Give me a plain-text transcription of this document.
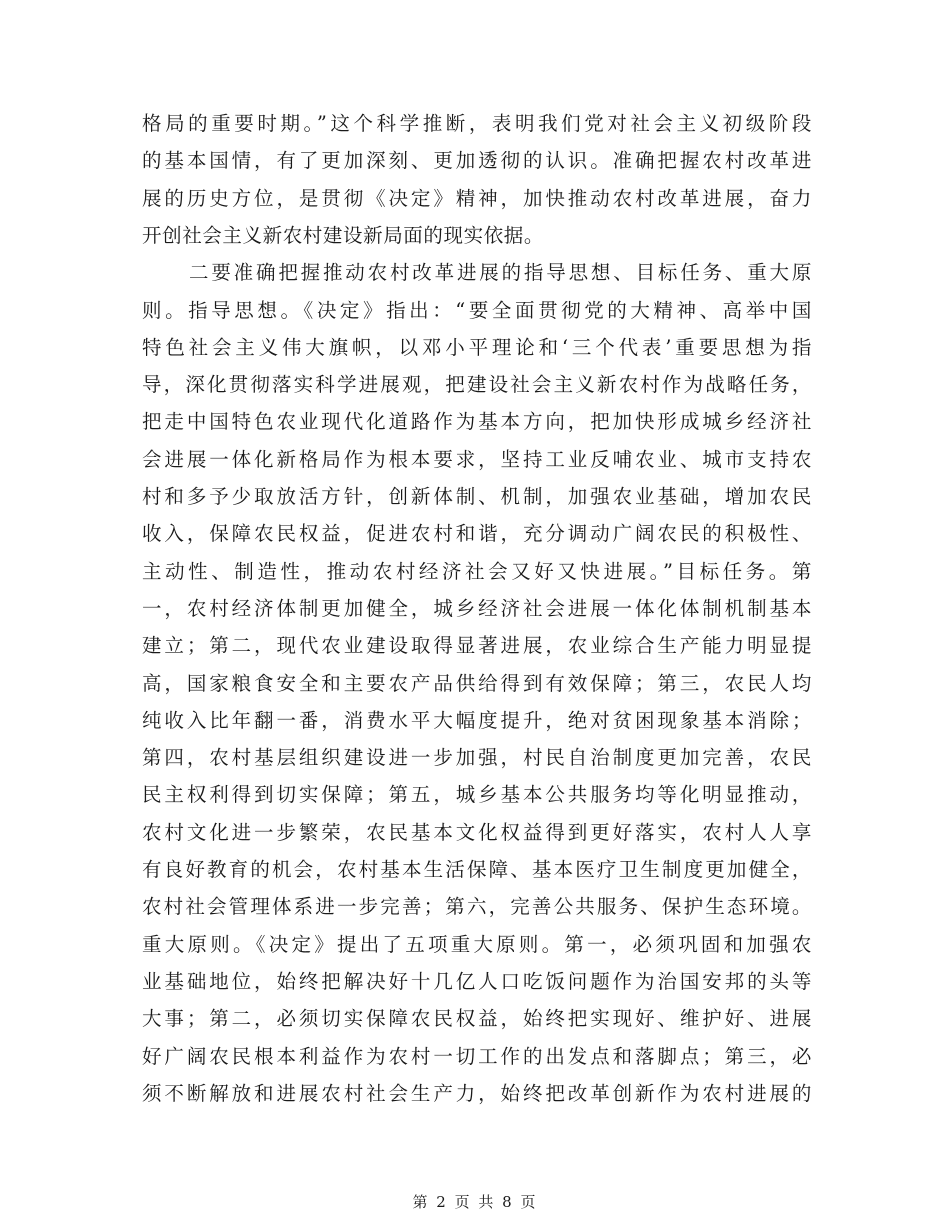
格局的重要时期。”这个科学推断，表明我们党对社会主义初级阶段
的基本国情，有了更加深刻、更加透彻的认识。准确把握农村改革进
展的历史方位，是贯彻《决定》精神，加快推动农村改革进展，奋力
开创社会主义新农村建设新局面的现实依据。
二要准确把握推动农村改革进展的指导思想、目标任务、重大原
则。指导思想。《决定》指出：“要全面贯彻党的大精神、高举中国
特色社会主义伟大旗帜，以邓小平理论和‘三个代表’重要思想为指
导，深化贯彻落实科学进展观，把建设社会主义新农村作为战略任务，
把走中国特色农业现代化道路作为基本方向，把加快形成城乡经济社
会进展一体化新格局作为根本要求，坚持工业反哺农业、城市支持农
村和多予少取放活方针，创新体制、机制，加强农业基础，增加农民
收入，保障农民权益，促进农村和谐，充分调动广阔农民的积极性、
主动性、制造性，推动农村经济社会又好又快进展。”目标任务。第
一，农村经济体制更加健全，城乡经济社会进展一体化体制机制基本
建立；第二，现代农业建设取得显著进展，农业综合生产能力明显提
高，国家粮食安全和主要农产品供给得到有效保障；第三，农民人均
纯收入比年翻一番，消费水平大幅度提升，绝对贫困现象基本消除；
第四，农村基层组织建设进一步加强，村民自治制度更加完善，农民
民主权利得到切实保障；第五，城乡基本公共服务均等化明显推动，
农村文化进一步繁荣，农民基本文化权益得到更好落实，农村人人享
有良好教育的机会，农村基本生活保障、基本医疗卫生制度更加健全，
农村社会管理体系进一步完善；第六，完善公共服务、保护生态环境。
重大原则。《决定》提出了五项重大原则。第一，必须巩固和加强农
业基础地位，始终把解决好十几亿人口吃饭问题作为治国安邦的头等
大事；第二，必须切实保障农民权益，始终把实现好、维护好、进展
好广阔农民根本利益作为农村一切工作的出发点和落脚点；第三，必
第 2 页 共 8 页
须不断解放和进展农村社会生产力，始终把改革创新作为农村进展的
